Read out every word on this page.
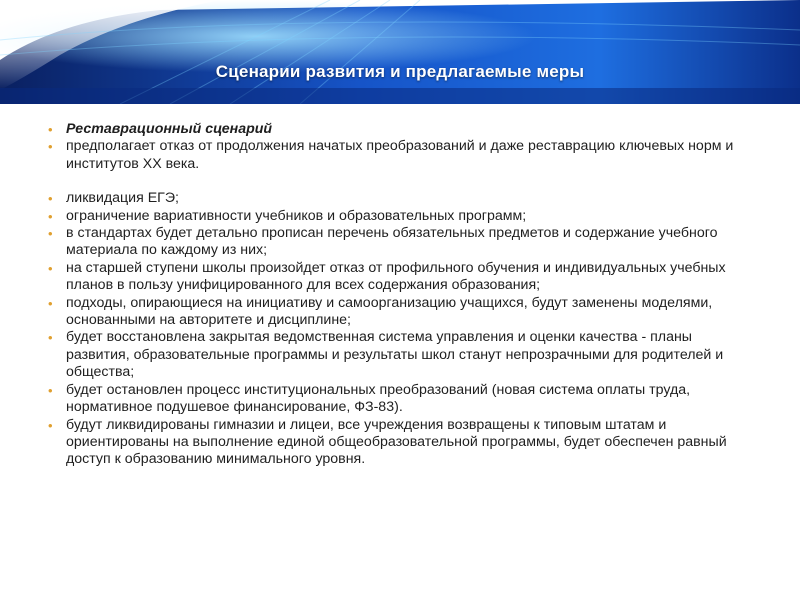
Сценарии развития и предлагаемые меры
• Реставрационный сценарий
• предполагает отказ от продолжения начатых преобразований и даже реставрацию ключевых норм и институтов ХХ века.
• ликвидация ЕГЭ;
• ограничение вариативности учебников и образовательных программ;
• в стандартах будет детально прописан перечень обязательных предметов и содержание учебного материала по каждому из них;
• на старшей ступени школы произойдет отказ от профильного обучения и индивидуальных учебных планов в пользу унифицированного для всех содержания образования;
• подходы, опирающиеся на инициативу и самоорганизацию учащихся, будут заменены моделями, основанными на авторитете и дисциплине;
• будет восстановлена закрытая ведомственная система управления и оценки качества - планы развития, образовательные программы и результаты школ станут непрозрачными для родителей и общества;
• будет остановлен процесс институциональных преобразований (новая система оплаты труда, нормативное подушевое финансирование, ФЗ-83).
• будут ликвидированы гимназии и лицеи, все учреждения возвращены к типовым штатам и ориентированы на выполнение единой общеобразовательной программы, будет обеспечен равный доступ к образованию минимального уровня.
